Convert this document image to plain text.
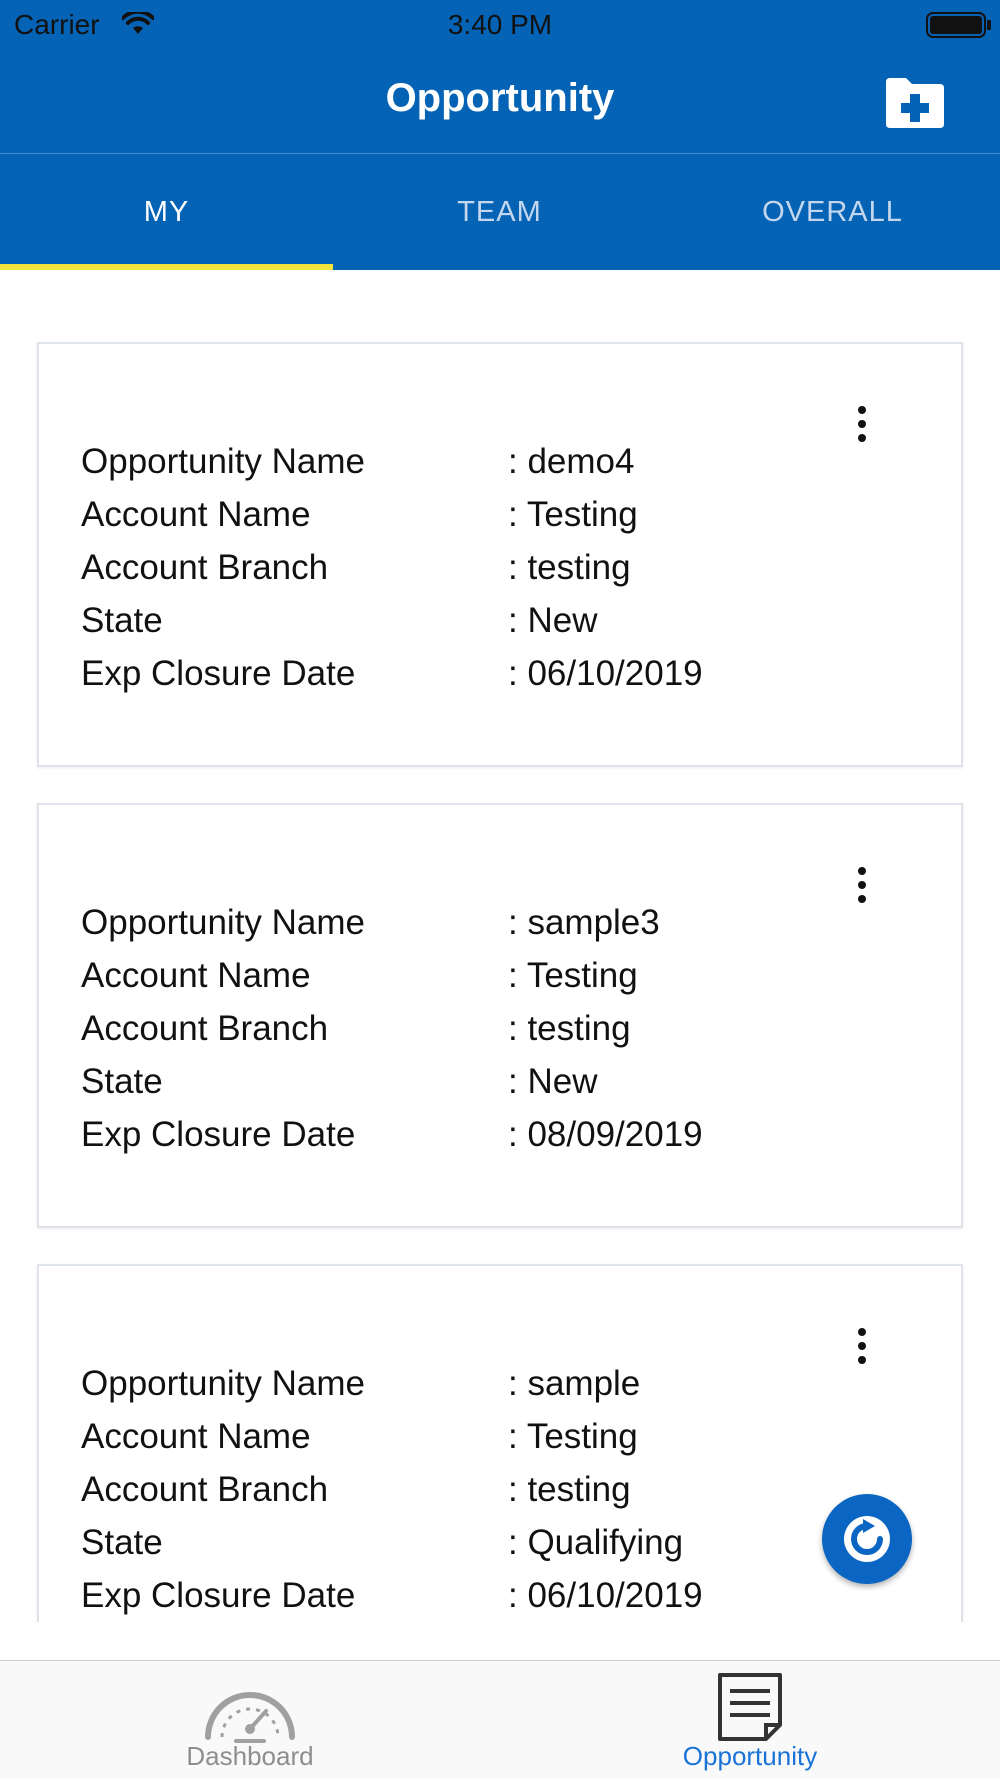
Carrier	3:40 PM
Opportunity
MY	TEAM	OVERALL
Opportunity Name	: demo4
Account Name	: Testing
Account Branch	: testing
State	: New
Exp Closure Date	: 06/10/2019
Opportunity Name	: sample3
Account Name	: Testing
Account Branch	: testing
State	: New
Exp Closure Date	: 08/09/2019
Opportunity Name	: sample
Account Name	: Testing
Account Branch	: testing
State	: Qualifying
Exp Closure Date	: 06/10/2019
Dashboard	Opportunity
